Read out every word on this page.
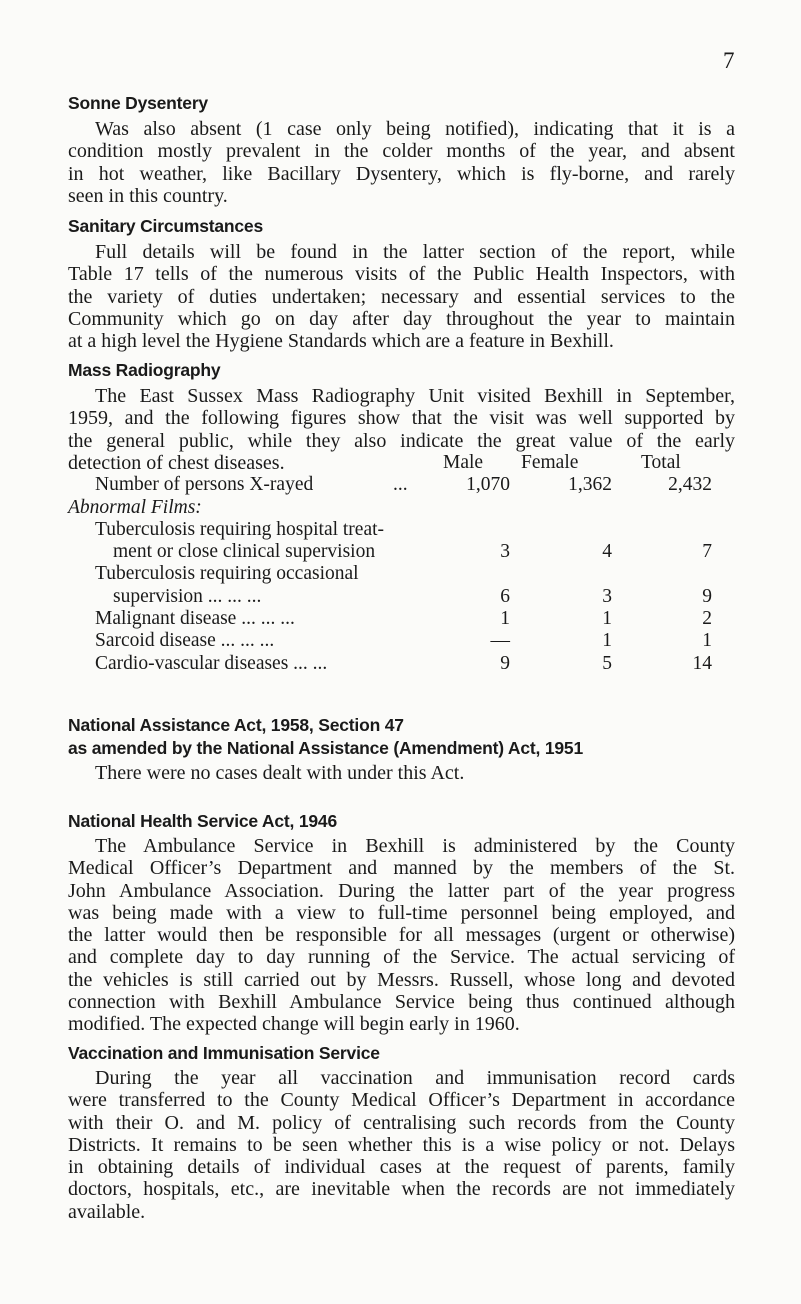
7
Sonne Dysentery
Was also absent (1 case only being notified), indicating that it is a
condition mostly prevalent in the colder months of the year, and absent
in hot weather, like Bacillary Dysentery, which is fly-borne, and rarely
seen in this country.
Sanitary Circumstances
Full details will be found in the latter section of the report, while
Table 17 tells of the numerous visits of the Public Health Inspectors, with
the variety of duties undertaken; necessary and essential services to the
Community which go on day after day throughout the year to maintain
at a high level the Hygiene Standards which are a feature in Bexhill.
Mass Radiography
The East Sussex Mass Radiography Unit visited Bexhill in September,
1959, and the following figures show that the visit was well supported by
the general public, while they also indicate the great value of the early
detection of chest diseases.	Male Female	Total
Number of persons X-rayed	...	1,070	1,362	2,432
Abnormal Films:
Tuberculosis requiring hospital treat-
ment or close clinical supervision	3	4	7
Tuberculosis requiring occasional
supervision ... ... ...	6	3	9
Malignant disease ... ... ...	1	1	2
Sarcoid disease ... ... ...	—	1	1
Cardio-vascular diseases ... ...	9	5	14
National Assistance Act, 1958, Section 47
as amended by the National Assistance (Amendment) Act, 1951
There were no cases dealt with under this Act.
National Health Service Act, 1946
The Ambulance Service in Bexhill is administered by the County
Medical Officer’s Department and manned by the members of the St.
John Ambulance Association. During the latter part of the year progress
was being made with a view to full-time personnel being employed, and
the latter would then be responsible for all messages (urgent or otherwise)
and complete day to day running of the Service. The actual servicing of
the vehicles is still carried out by Messrs. Russell, whose long and devoted
connection with Bexhill Ambulance Service being thus continued although
modified. The expected change will begin early in 1960.
Vaccination and Immunisation Service
During the year all vaccination and immunisation record cards
were transferred to the County Medical Officer’s Department in accordance
with their O. and M. policy of centralising such records from the County
Districts. It remains to be seen whether this is a wise policy or not. Delays
in obtaining details of individual cases at the request of parents, family
doctors, hospitals, etc., are inevitable when the records are not immediately
available.
